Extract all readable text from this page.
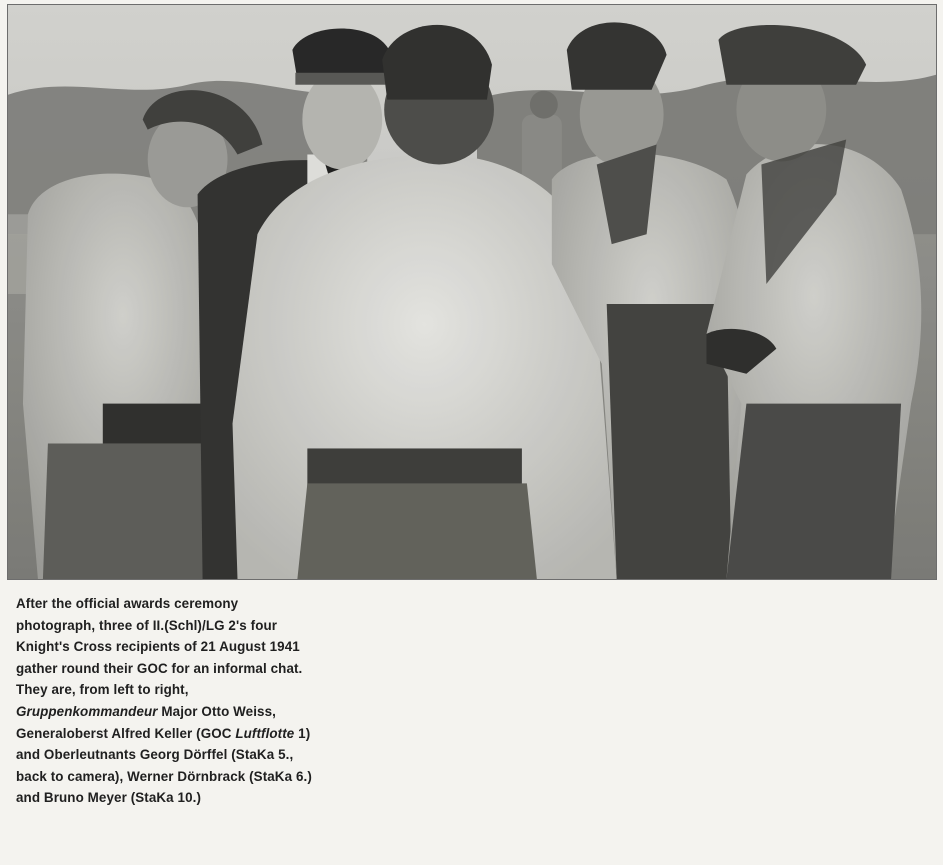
After the official awards ceremony photograph, three of II.(Schl)/LG 2's four Knight's Cross recipients of 21 August 1941 gather round their GOC for an informal chat. They are, from left to right, Gruppenkommandeur Major Otto Weiss, Generaloberst Alfred Keller (GOC Luftflotte 1) and Oberleutnants Georg Dörffel (StaKa 5., back to camera), Werner Dörnbrack (StaKa 6.) and Bruno Meyer (StaKa 10.)
